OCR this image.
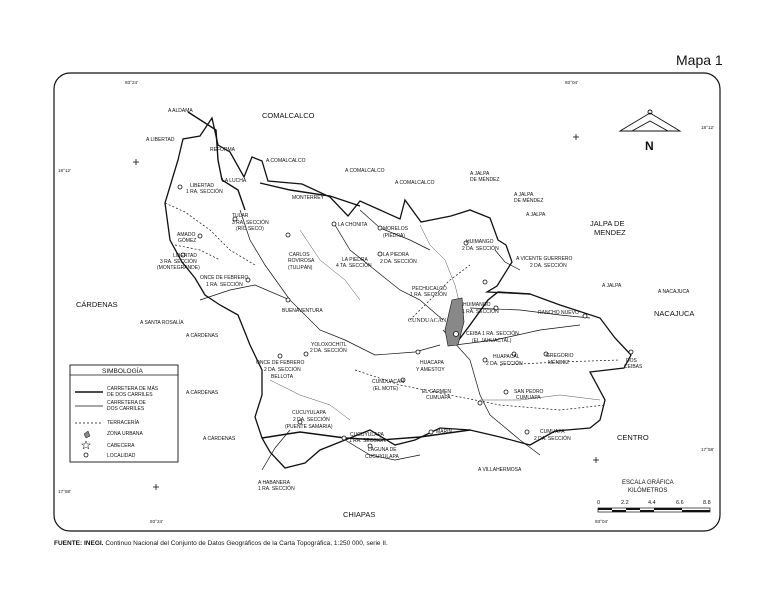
Mapa 1
93°24'	93°04'
93°24'	93°04'
18°12'
17°58'
18°12'
17°58'
CUNDUACÁN
COMALCALCO
CÁRDENAS
CHIAPAS
JALPA DE
MENDEZ
NACAJUCA
CENTRO
A ALDAMA
A LIBERTAD
REFORMA
LA LUCHA
A COMALCALCO
A COMALCALCO
A COMALCALCO
LIBERTAD
1 RA. SECCIÓN
MONTERREY
TULAR
3 RA. SECCIÓN
(RÍO SECO)
AMADO
GÓMEZ
LIBERTAD
3 RA. SECCIÓN
(MONTEGRANDE)
CARLOS
ROVIROSA
(TULIPÁN)
LA CHONITA
MORELOS
(PIEDRA)
LA PIEDRA
2 DA. SECCIÓN
LA PIEDRA
4 TA. SECCIÓN
ONCE DE FEBRERO
1 RA. SECCIÓN
BUENAVENTURA
A SANTA ROSALÍA
A CÁRDENAS
A CÁRDENAS
A CÁRDENAS
ONCE DE FEBRERO
2 DA. SECCIÓN
BELLOTA
YOLOXOCHITL
2 DA. SECCIÓN
CUNDUACÁN
(EL MOTE)
HUACAPA
Y AMESTOY
PECHUCALCO
1 RA. SECCIÓN
HUIMANGO
2 DA. SECCIÓN
HUIMANGO
1 RA. SECCIÓN
CEIBA 1 RA. SECCIÓN
(EL JAHUACTAL)
HUAPACAL
2 DA. SECCIÓN
EL CARMEN
CUMUAPA
SAN PEDRO
CUMUAPA
CUCUYULAPA
2 DA. SECCIÓN
(PUENTE SAMARIA)
CUCUYULAPA
1 RA. SECCIÓN
MARÍN
LAGUNA DE
CUCUYULAPA
CUMUAPA
2 DA. SECCIÓN
A VILLAHERMOSA
A HABANERA
1 RA. SECCIÓN
A JALPA
DE MÉNDEZ
A JALPA
DE MÉNDEZ
A JALPA
A JALPA
A VICENTE GUERRERO
2 DA. SECCIÓN
A NACAJUCA
RANCHO NUEVO
GREGORIO
MÉNDEZ	DOS
CEIBAS
N
SIMBOLOGÍA
CARRETERA DE MÁS
DE DOS CARRILES
CARRETERA DE
DOS CARRILES
TERRACERÍA
ZONA URBANA
CABECERA
LOCALIDAD
ESCALA GRÁFICA
KILÓMETROS
0	2.2	4.4	6.6	8.8
FUENTE: INEGI. Continuo Nacional del Conjunto de Datos Geográficos de la Carta Topográfica, 1:250 000, serie II.
